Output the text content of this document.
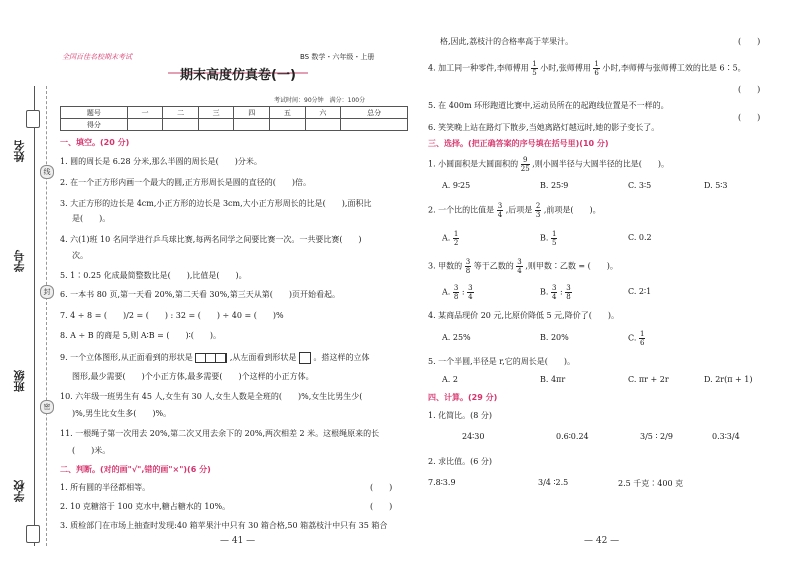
姓名
学号
班级
学校
线
封
密
全国百佳名校期末考试	BS 数学・六年级・上册
期末高度仿真卷(一)
考试时间：90分钟　满分：100分
题号	一	二	三	四	五	六	总分
得分							
一、填空。(20 分)
1. 圆的周长是 6.28 分米,那么半圆的周长是(　　)分米。
2. 在一个正方形内画一个最大的圆,正方形周长是圆的直径的(　　)倍。
3. 大正方形的边长是 4cm,小正方形的边长是 3cm,大小正方形周长的比是(　　),面积比
是(　　)。
4. 六(1)班 10 名同学进行乒乓球比赛,每两名同学之间要比赛一次。一共要比赛(　　)
次。
5. 1∶0.25 化成最简整数比是(　　),比值是(　　)。
6. 一本书 80 页,第一天看 20%,第二天看 30%,第三天从第(　　)页开始看起。
7. 4 ÷ 8 = (　　)/2 = (　　) : 32 = (　　) ÷ 40 = (　　)%
8. A ÷ B 的商是 5,则 A∶B = (　　)∶(　　)。
9. 一个立体图形,从正面看到的形状是	,从左面看到形状是 。搭这样的立体
图形,最少需要(　　)个小正方体,最多需要(　　)个这样的小正方体。
10. 六年级一班男生有 45 人,女生有 30 人,女生人数是全班的(　　)%,女生比男生少(
)%,男生比女生多(　　)%。
11. 一根绳子第一次用去 20%,第二次又用去余下的 20%,两次相差 2 米。这根绳原来的长
(　　)米。
二、判断。(对的画"√",错的画"×")(6 分)
1. 所有圆的半径都相等。	(　　)
2. 10 克糖溶于 100 克水中,糖占糖水的 10%。	(　　)
3. 质检部门在市场上抽查时发现:40 箱苹果汁中只有 30 箱合格,50 箱荔枝汁中只有 35 箱合
— 41 —
格,因此,荔枝汁的合格率高于苹果汁。	(　　)
4. 加工同一种零件,李师傅用 $\frac{1}{5}$ 小时,张师傅用 $\frac{1}{6}$ 小时,李师傅与张师傅工效的比是 6∶5。
(　　)
5. 在 400m 环形跑道比赛中,运动员所在的起跑线位置是不一样的。
(　　)
6. 笑笑晚上站在路灯下散步,当她离路灯越远时,她的影子变长了。
三、选择。(把正确答案的序号填在括号里)(10 分)
1. 小圆面积是大圆面积的 $\frac{9}{25}$ ,则小圆半径与大圆半径的比是(　　)。
A. 9∶25	B. 25∶9	C. 3∶5	D. 5∶3
2. 一个比的比值是 $\frac{3}{4}$ ,后项是 $\frac{2}{3}$ ,前项是(　　)。
A. $\frac{1}{2}$	B. $\frac{1}{5}$	C. 0.2
3. 甲数的 $\frac{3}{8}$ 等于乙数的 $\frac{3}{4}$ ,则甲数∶乙数 = (　　)。
A. $\frac{3}{8}$ : $\frac{3}{4}$	B. $\frac{3}{4}$ : $\frac{3}{8}$	C. 2∶1
4. 某商品现价 20 元,比原价降低 5 元,降价了(　　)。
A. 25%	B. 20%	C. $\frac{1}{6}$
5. 一个半圆,半径是 r,它的周长是(　　)。
A. 2	B. 4πr	C. πr + 2r	D. 2r(π + 1)
四、计算。(29 分)
1. 化简比。(8 分)
24∶30	0.6∶0.24	3/5 ∶ 2/9	0.3∶3/4
2. 求比值。(6 分)
7.8∶3.9	3/4 ∶2.5	2.5 千克∶400 克
— 42 —
